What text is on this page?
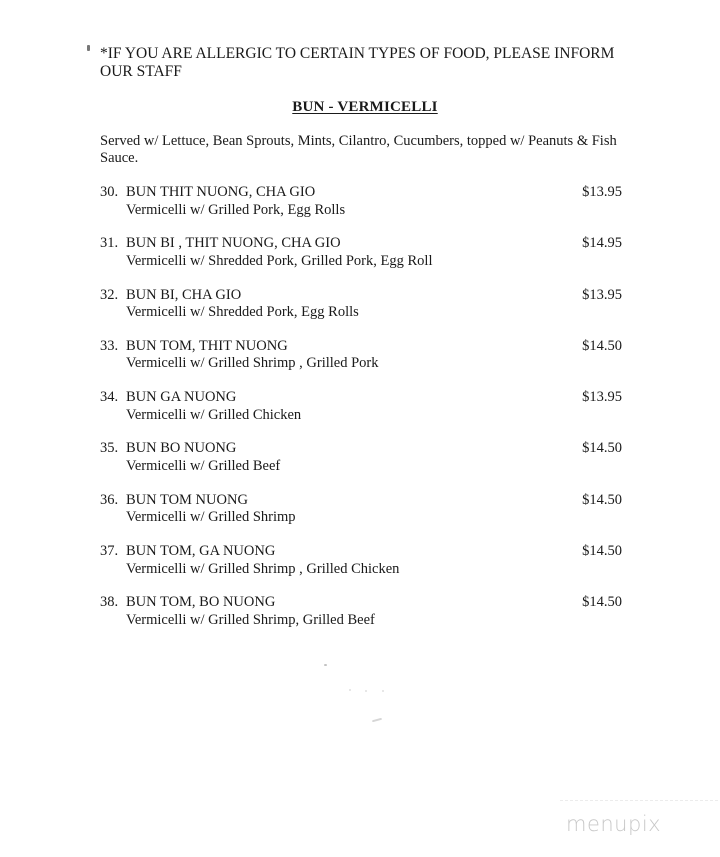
*IF YOU ARE ALLERGIC TO CERTAIN TYPES OF FOOD, PLEASE INFORM OUR STAFF
BUN - VERMICELLI
Served w/ Lettuce, Bean Sprouts, Mints, Cilantro, Cucumbers, topped w/ Peanuts & Fish Sauce.
30. BUN THIT NUONG, CHA GIO
Vermicelli w/ Grilled Pork, Egg Rolls
$13.95
31. BUN BI , THIT NUONG, CHA GIO
Vermicelli w/ Shredded Pork, Grilled Pork, Egg Roll
$14.95
32. BUN BI, CHA GIO
Vermicelli w/ Shredded Pork, Egg Rolls
$13.95
33. BUN TOM, THIT NUONG
Vermicelli w/ Grilled Shrimp , Grilled Pork
$14.50
34. BUN GA NUONG
Vermicelli w/ Grilled Chicken
$13.95
35. BUN BO NUONG
Vermicelli w/ Grilled Beef
$14.50
36. BUN TOM NUONG
Vermicelli w/ Grilled Shrimp
$14.50
37. BUN TOM, GA NUONG
Vermicelli w/ Grilled Shrimp , Grilled Chicken
$14.50
38. BUN TOM, BO NUONG
Vermicelli w/ Grilled Shrimp, Grilled Beef
$14.50
menupix
